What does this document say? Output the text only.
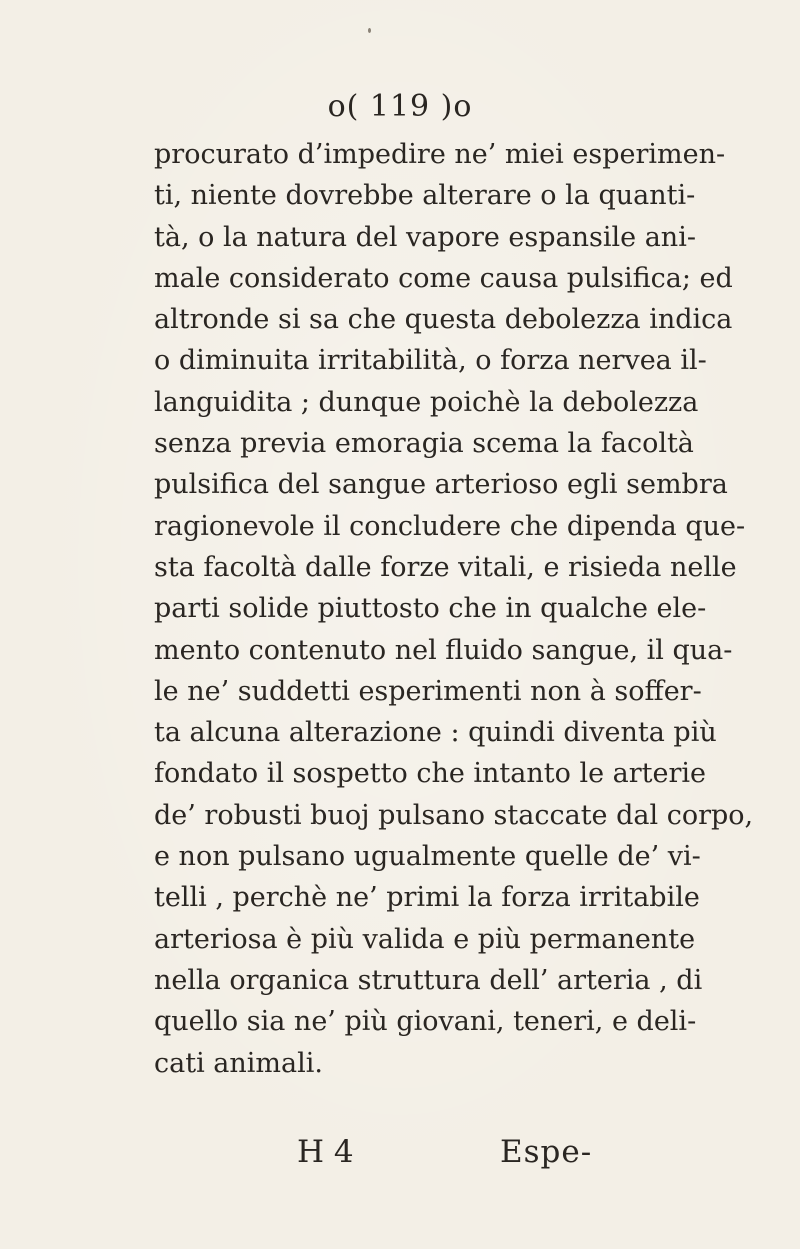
o( 119 )o
procurato d’impedire ne’ miei esperimen-
ti, niente dovrebbe alterare o la quanti-
tà, o la natura del vapore espansile ani-
male considerato come causa pulsifica; ed
altronde si sa che questa debolezza indica
o diminuita irritabilità, o forza nervea il-
languidita ; dunque poichè la debolezza
senza previa emoragia scema la facoltà
pulsifica del sangue arterioso egli sembra
ragionevole il concludere che dipenda que-
sta facoltà dalle forze vitali, e risieda nelle
parti solide piuttosto che in qualche ele-
mento contenuto nel fluido sangue, il qua-
le ne’ suddetti esperimenti non à soffer-
ta alcuna alterazione : quindi diventa più
fondato il sospetto che intanto le arterie
de’ robusti buoj pulsano staccate dal corpo,
e non pulsano ugualmente quelle de’ vi-
telli , perchè ne’ primi la forza irritabile
arteriosa è più valida e più permanente
nella organica struttura dell’ arteria , di
quello sia ne’ più giovani, teneri, e deli-
cati animali.
H 4	Espe-
